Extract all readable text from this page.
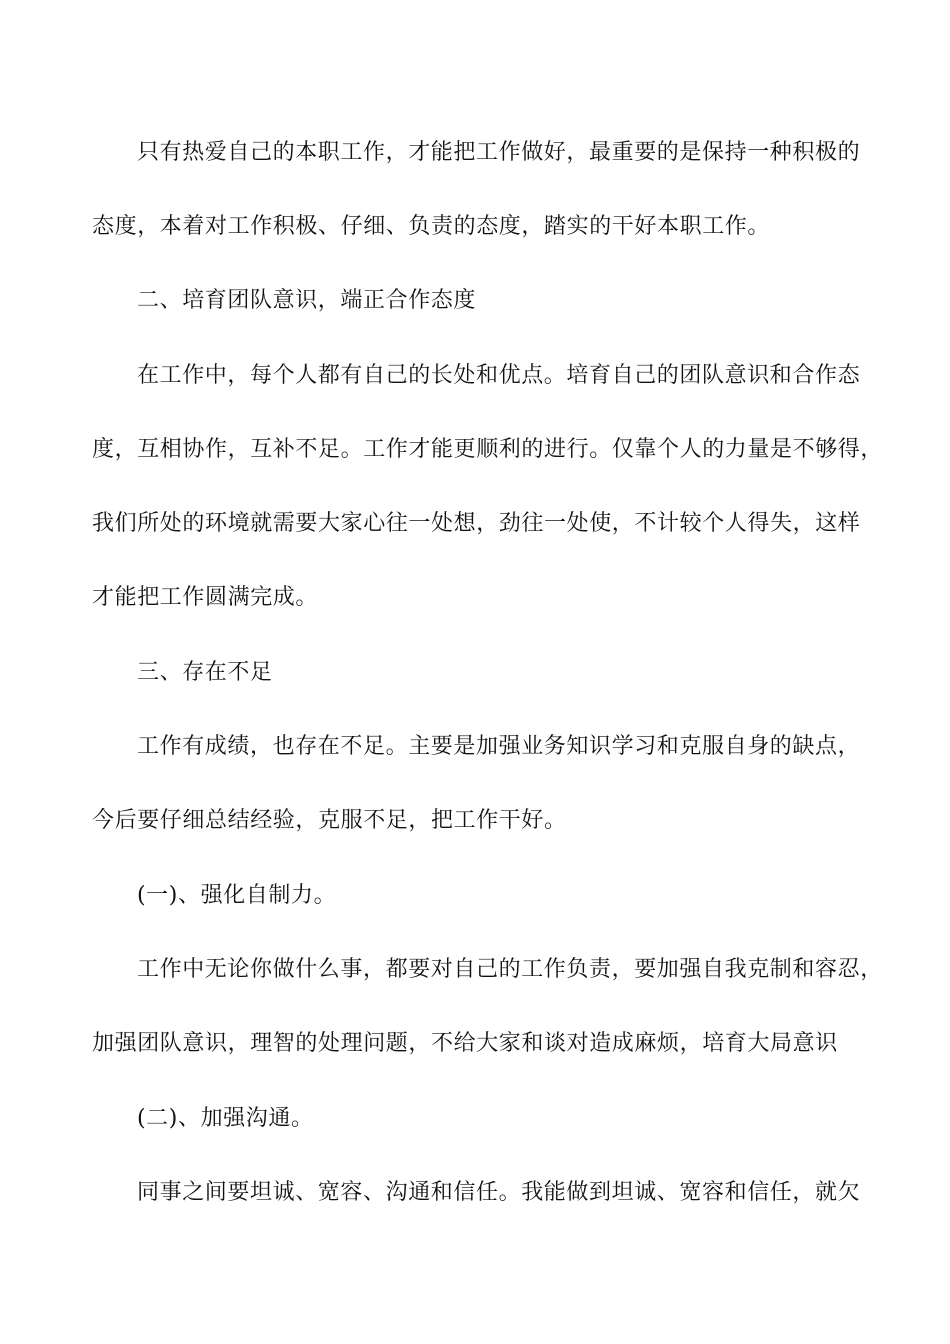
只有热爱自己的本职工作，才能把工作做好，最重要的是保持一种积极的
态度，本着对工作积极、仔细、负责的态度，踏实的干好本职工作。
二、培育团队意识，端正合作态度
在工作中，每个人都有自己的长处和优点。培育自己的团队意识和合作态
度，互相协作，互补不足。工作才能更顺利的进行。仅靠个人的力量是不够得，
我们所处的环境就需要大家心往一处想，劲往一处使，不计较个人得失，这样
才能把工作圆满完成。
三、存在不足
工作有成绩，也存在不足。主要是加强业务知识学习和克服自身的缺点，
今后要仔细总结经验，克服不足，把工作干好。
(一)、强化自制力。
工作中无论你做什么事，都要对自己的工作负责，要加强自我克制和容忍，
加强团队意识，理智的处理问题，不给大家和谈对造成麻烦，培育大局意识
(二)、加强沟通。
同事之间要坦诚、宽容、沟通和信任。我能做到坦诚、宽容和信任，就欠
